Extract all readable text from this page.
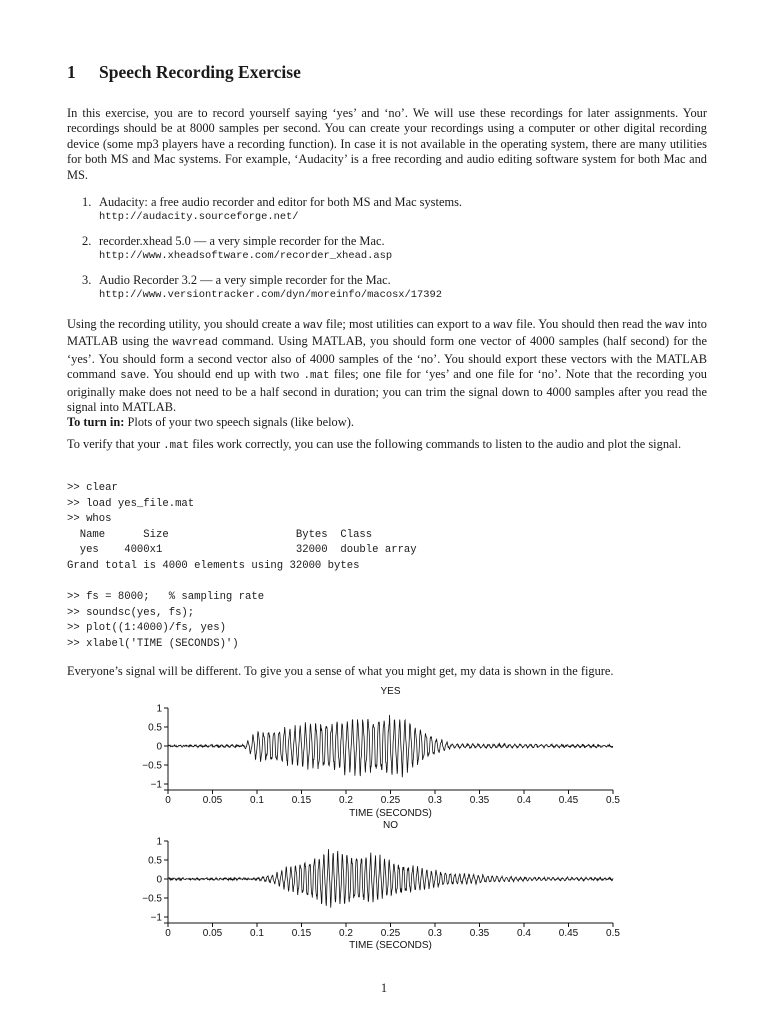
1 Speech Recording Exercise

In this exercise, you are to record yourself saying ‘yes’ and ‘no’. We will use these recordings for later assignments. Your recordings should be at 8000 samples per second. You can create your recordings using a computer or other digital recording device (some mp3 players have a recording function). In case it is not available in the operating system, there are many utilities for both MS and Mac systems. For example, ‘Audacity’ is a free recording and audio editing software system for both Mac and MS.

1. Audacity: a free audio recorder and editor for both MS and Mac systems.
http://audacity.sourceforge.net/
2. recorder.xhead 5.0 — a very simple recorder for the Mac.
http://www.xheadsoftware.com/recorder_xhead.asp
3. Audio Recorder 3.2 — a very simple recorder for the Mac.
http://www.versiontracker.com/dyn/moreinfo/macosx/17392

Using the recording utility, you should create a wav file; most utilities can export to a wav file. You should then read the wav into MATLAB using the wavread command. Using MATLAB, you should form one vector of 4000 samples (half second) for the ‘yes’. You should form a second vector also of 4000 samples of the ‘no’. You should export these vectors with the MATLAB command save. You should end up with two .mat files; one file for ‘yes’ and one file for ‘no’. Note that the recording you originally make does not need to be a half second in duration; you can trim the signal down to 4000 samples after you read the signal into MATLAB.

To turn in: Plots of your two speech signals (like below).

To verify that your .mat files work correctly, you can use the following commands to listen to the audio and plot the signal.

>> clear
>> load yes_file.mat
>> whos
Name      Size                    Bytes  Class
yes    4000x1                     32000  double array
Grand total is 4000 elements using 32000 bytes
>> fs = 8000;   % sampling rate
>> soundsc(yes, fs);
>> plot((1:4000)/fs, yes)
>> xlabel('TIME (SECONDS)')

Everyone’s signal will be different. To give you a sense of what you might get, my data is shown in the figure.

YES
1
0.5
0
−0.5
−1
0	0.05	0.1	0.15	0.2	0.25	0.3	0.35	0.4	0.45	0.5
TIME (SECONDS)
NO
1
0.5
0
−0.5
−1
0	0.05	0.1	0.15	0.2	0.25	0.3	0.35	0.4	0.45	0.5
TIME (SECONDS)
1
